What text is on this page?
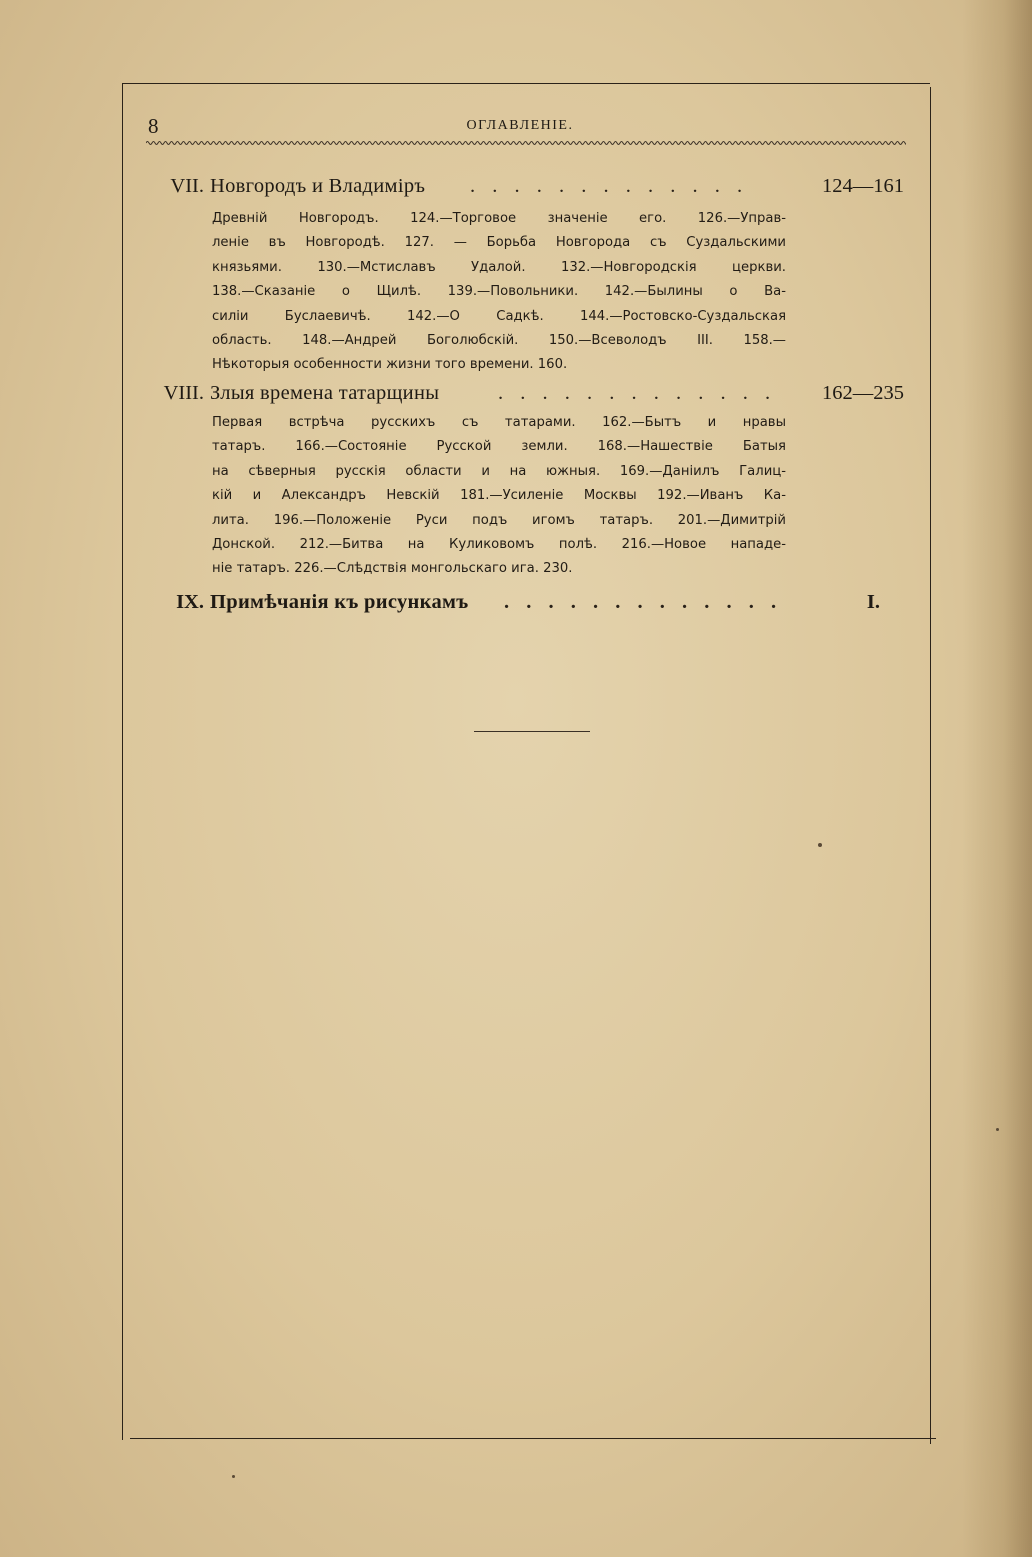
8	ОГЛАВЛЕНIЕ.
VII. Новгородъ и Владиміръ . . . . . . . . . . . . .	124—161
Древній Новгородъ. 124.—Торговое значеніе его. 126.—Управ-
леніе въ Новгородѣ. 127. — Борьба Новгорода съ Суздальскими
князьями. 130.—Мстиславъ Удалой. 132.—Новгородскія церкви.
138.—Сказаніе о Щилѣ. 139.—Повольники. 142.—Былины о Ва-
силіи Буслаевичѣ. 142.—О Садкѣ. 144.—Ростовско-Суздальская
область. 148.—Андрей Боголюбскій. 150.—Всеволодъ III. 158.—
Нѣкоторыя особенности жизни того времени. 160.
VIII. Злыя времена татарщины	. . . . . . . . . . . . . 162—235
Первая встрѣча русскихъ съ татарами. 162.—Бытъ и нравы
татаръ. 166.—Состояніе Русской земли. 168.—Нашествіе Батыя
на сѣверныя русскія области и на южныя. 169.—Даніилъ Галиц-
кій и Александръ Невскій 181.—Усиленіе Москвы 192.—Иванъ Ка-
лита. 196.—Положеніе Руси подъ игомъ татаръ. 201.—Димитрій
Донской. 212.—Битва на Куликовомъ полѣ. 216.—Новое нападе-
ніе татаръ. 226.—Слѣдствія монгольскаго ига. 230.
IX. Примѣчанія къ рисункамъ . . . . . . . . . . . . .	I.
